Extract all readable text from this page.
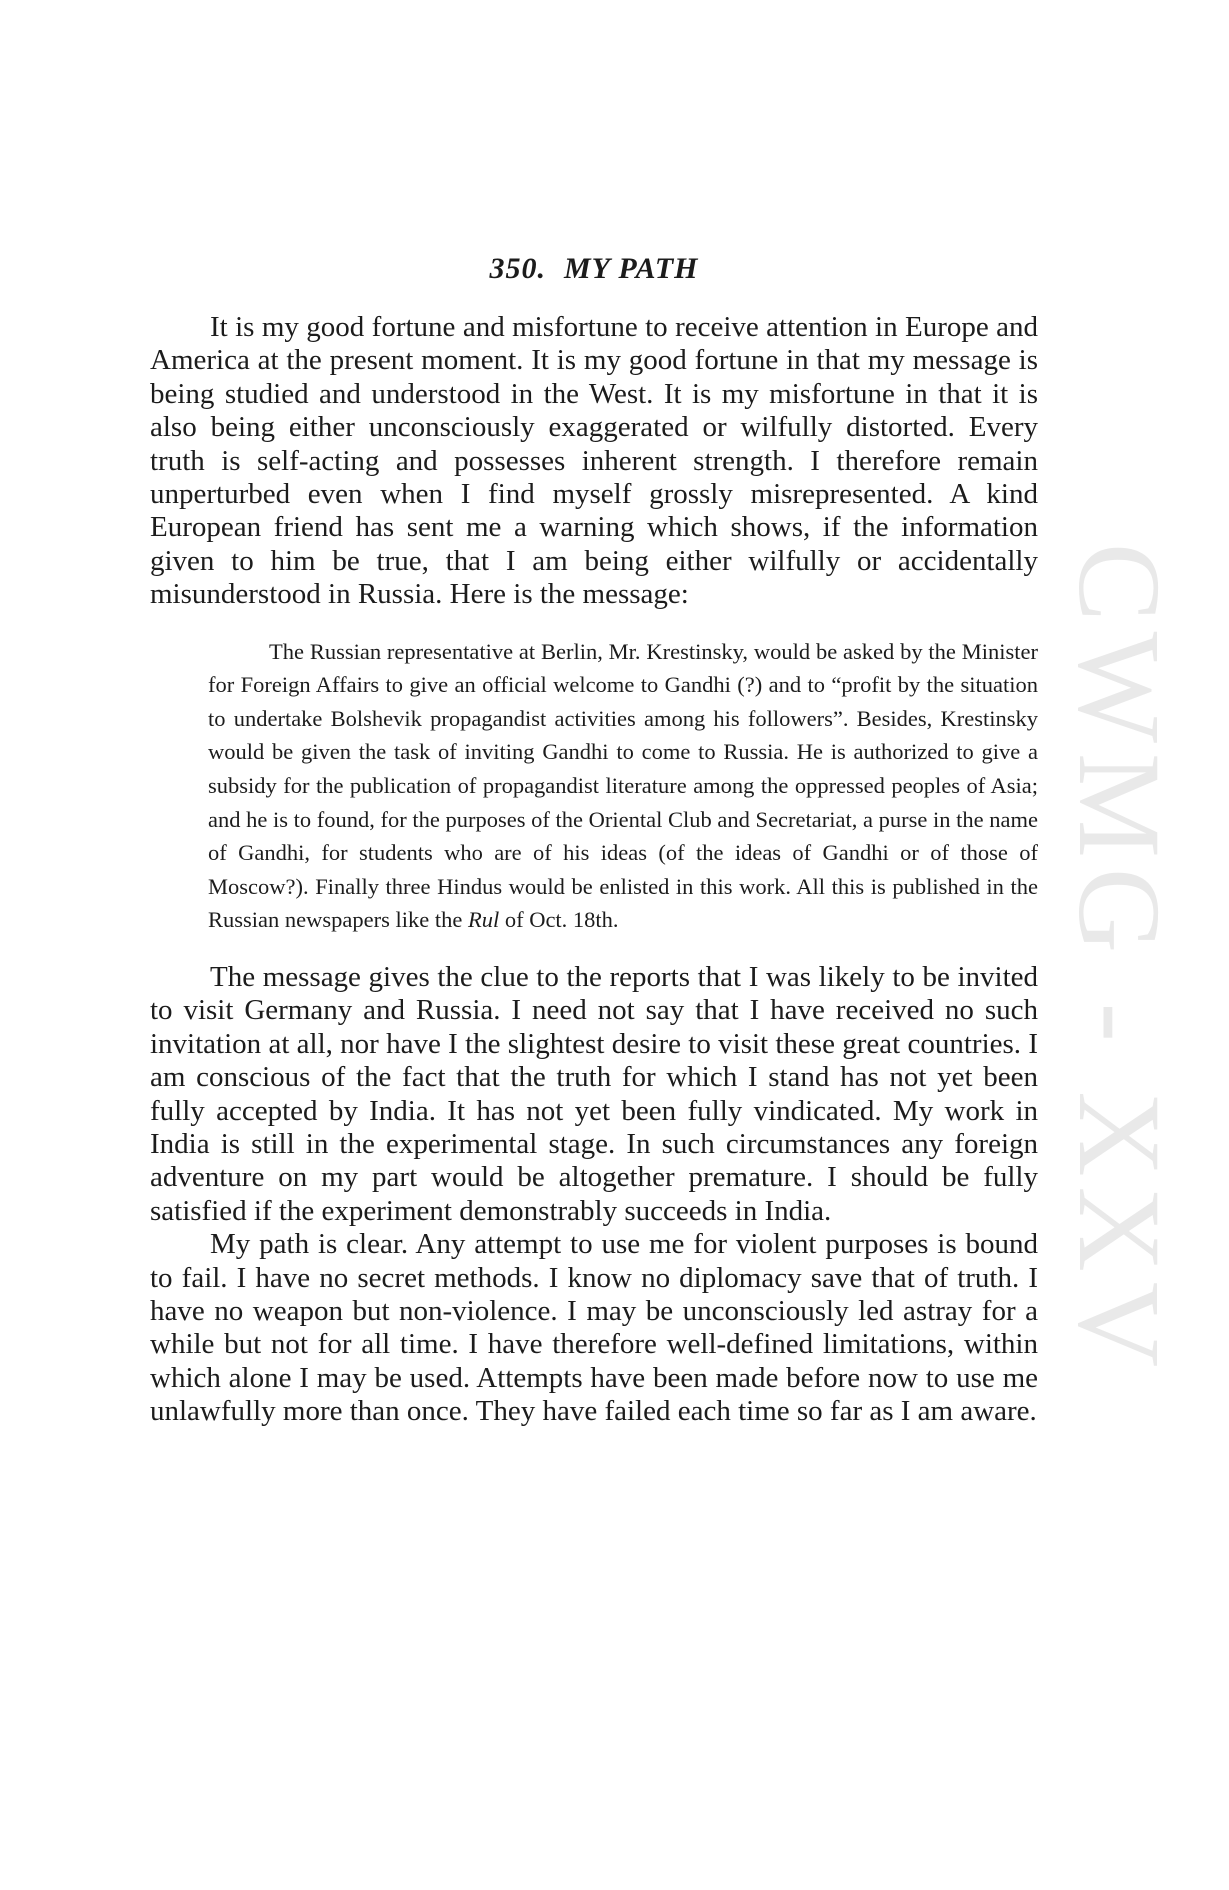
CWMG - XXV
350. MY PATH

It is my good fortune and misfortune to receive attention in Europe and America at the present moment. It is my good fortune in that my message is being studied and understood in the West. It is my misfortune in that it is also being either unconsciously exaggerated or wilfully distorted. Every truth is self-acting and possesses inherent strength. I therefore remain unperturbed even when I find myself grossly misrepresented. A kind European friend has sent me a warning which shows, if the information given to him be true, that I am being either wilfully or accidentally misunderstood in Russia. Here is the message:

The Russian representative at Berlin, Mr. Krestinsky, would be asked by the Minister for Foreign Affairs to give an official welcome to Gandhi (?) and to “profit by the situation to undertake Bolshevik propagandist activities among his followers”. Besides, Krestinsky would be given the task of inviting Gandhi to come to Russia. He is authorized to give a subsidy for the publication of propagandist literature among the oppressed peoples of Asia; and he is to found, for the purposes of the Oriental Club and Secretariat, a purse in the name of Gandhi, for students who are of his ideas (of the ideas of Gandhi or of those of Moscow?). Finally three Hindus would be enlisted in this work. All this is published in the Russian newspapers like the Rul of Oct. 18th.

The message gives the clue to the reports that I was likely to be invited to visit Germany and Russia. I need not say that I have received no such invitation at all, nor have I the slightest desire to visit these great countries. I am conscious of the fact that the truth for which I stand has not yet been fully accepted by India. It has not yet been fully vindicated. My work in India is still in the experimental stage. In such circumstances any foreign adventure on my part would be altogether premature. I should be fully satisfied if the experiment demonstrably succeeds in India.

My path is clear. Any attempt to use me for violent purposes is bound to fail. I have no secret methods. I know no diplomacy save that of truth. I have no weapon but non-violence. I may be unconsciously led astray for a while but not for all time. I have therefore well-defined limitations, within which alone I may be used. Attempts have been made before now to use me unlawfully more than once. They have failed each time so far as I am aware.
